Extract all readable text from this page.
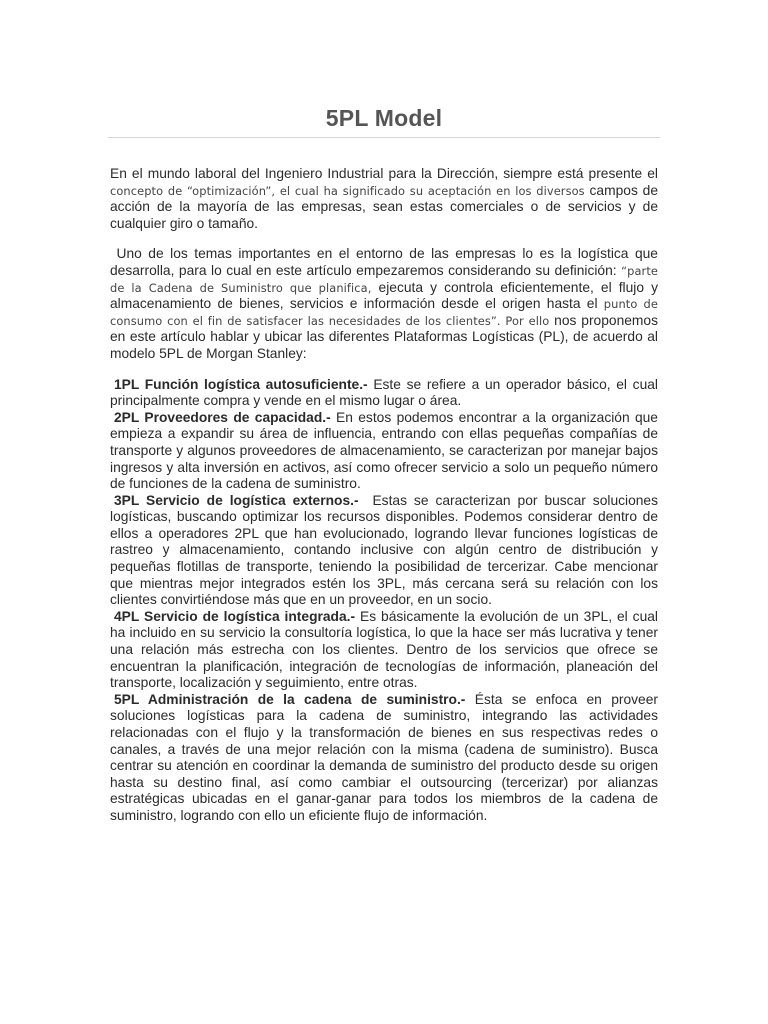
5PL Model

En el mundo laboral del Ingeniero Industrial para la Dirección, siempre está presente el concepto de “optimización”, el cual ha significado su aceptación en los diversos campos de acción de la mayoría de las empresas, sean estas comerciales o de servicios y de cualquier giro o tamaño.

Uno de los temas importantes en el entorno de las empresas lo es la logística que desarrolla, para lo cual en este artículo empezaremos considerando su definición: “parte de la Cadena de Suministro que planifica, ejecuta y controla eficientemente, el flujo y almacenamiento de bienes, servicios e información desde el origen hasta el punto de consumo con el fin de satisfacer las necesidades de los clientes”. Por ello nos proponemos en este artículo hablar y ubicar las diferentes Plataformas Logísticas (PL), de acuerdo al modelo 5PL de Morgan Stanley:

1PL Función logística autosuficiente.- Este se refiere a un operador básico, el cual principalmente compra y vende en el mismo lugar o área.

2PL Proveedores de capacidad.- En estos podemos encontrar a la organización que empieza a expandir su área de influencia, entrando con ellas pequeñas compañías de transporte y algunos proveedores de almacenamiento, se caracterizan por manejar bajos ingresos y alta inversión en activos, así como ofrecer servicio a solo un pequeño número de funciones de la cadena de suministro.

3PL Servicio de logística externos.- Estas se caracterizan por buscar soluciones logísticas, buscando optimizar los recursos disponibles. Podemos considerar dentro de ellos a operadores 2PL que han evolucionado, logrando llevar funciones logísticas de rastreo y almacenamiento, contando inclusive con algún centro de distribución y pequeñas flotillas de transporte, teniendo la posibilidad de tercerizar. Cabe mencionar que mientras mejor integrados estén los 3PL, más cercana será su relación con los clientes convirtiéndose más que en un proveedor, en un socio.

4PL Servicio de logística integrada.- Es básicamente la evolución de un 3PL, el cual ha incluido en su servicio la consultoría logística, lo que la hace ser más lucrativa y tener una relación más estrecha con los clientes. Dentro de los servicios que ofrece se encuentran la planificación, integración de tecnologías de información, planeación del transporte, localización y seguimiento, entre otras.

5PL Administración de la cadena de suministro.- Ésta se enfoca en proveer soluciones logísticas para la cadena de suministro, integrando las actividades relacionadas con el flujo y la transformación de bienes en sus respectivas redes o canales, a través de una mejor relación con la misma (cadena de suministro). Busca centrar su atención en coordinar la demanda de suministro del producto desde su origen hasta su destino final, así como cambiar el outsourcing (tercerizar) por alianzas estratégicas ubicadas en el ganar-ganar para todos los miembros de la cadena de suministro, logrando con ello un eficiente flujo de información.
